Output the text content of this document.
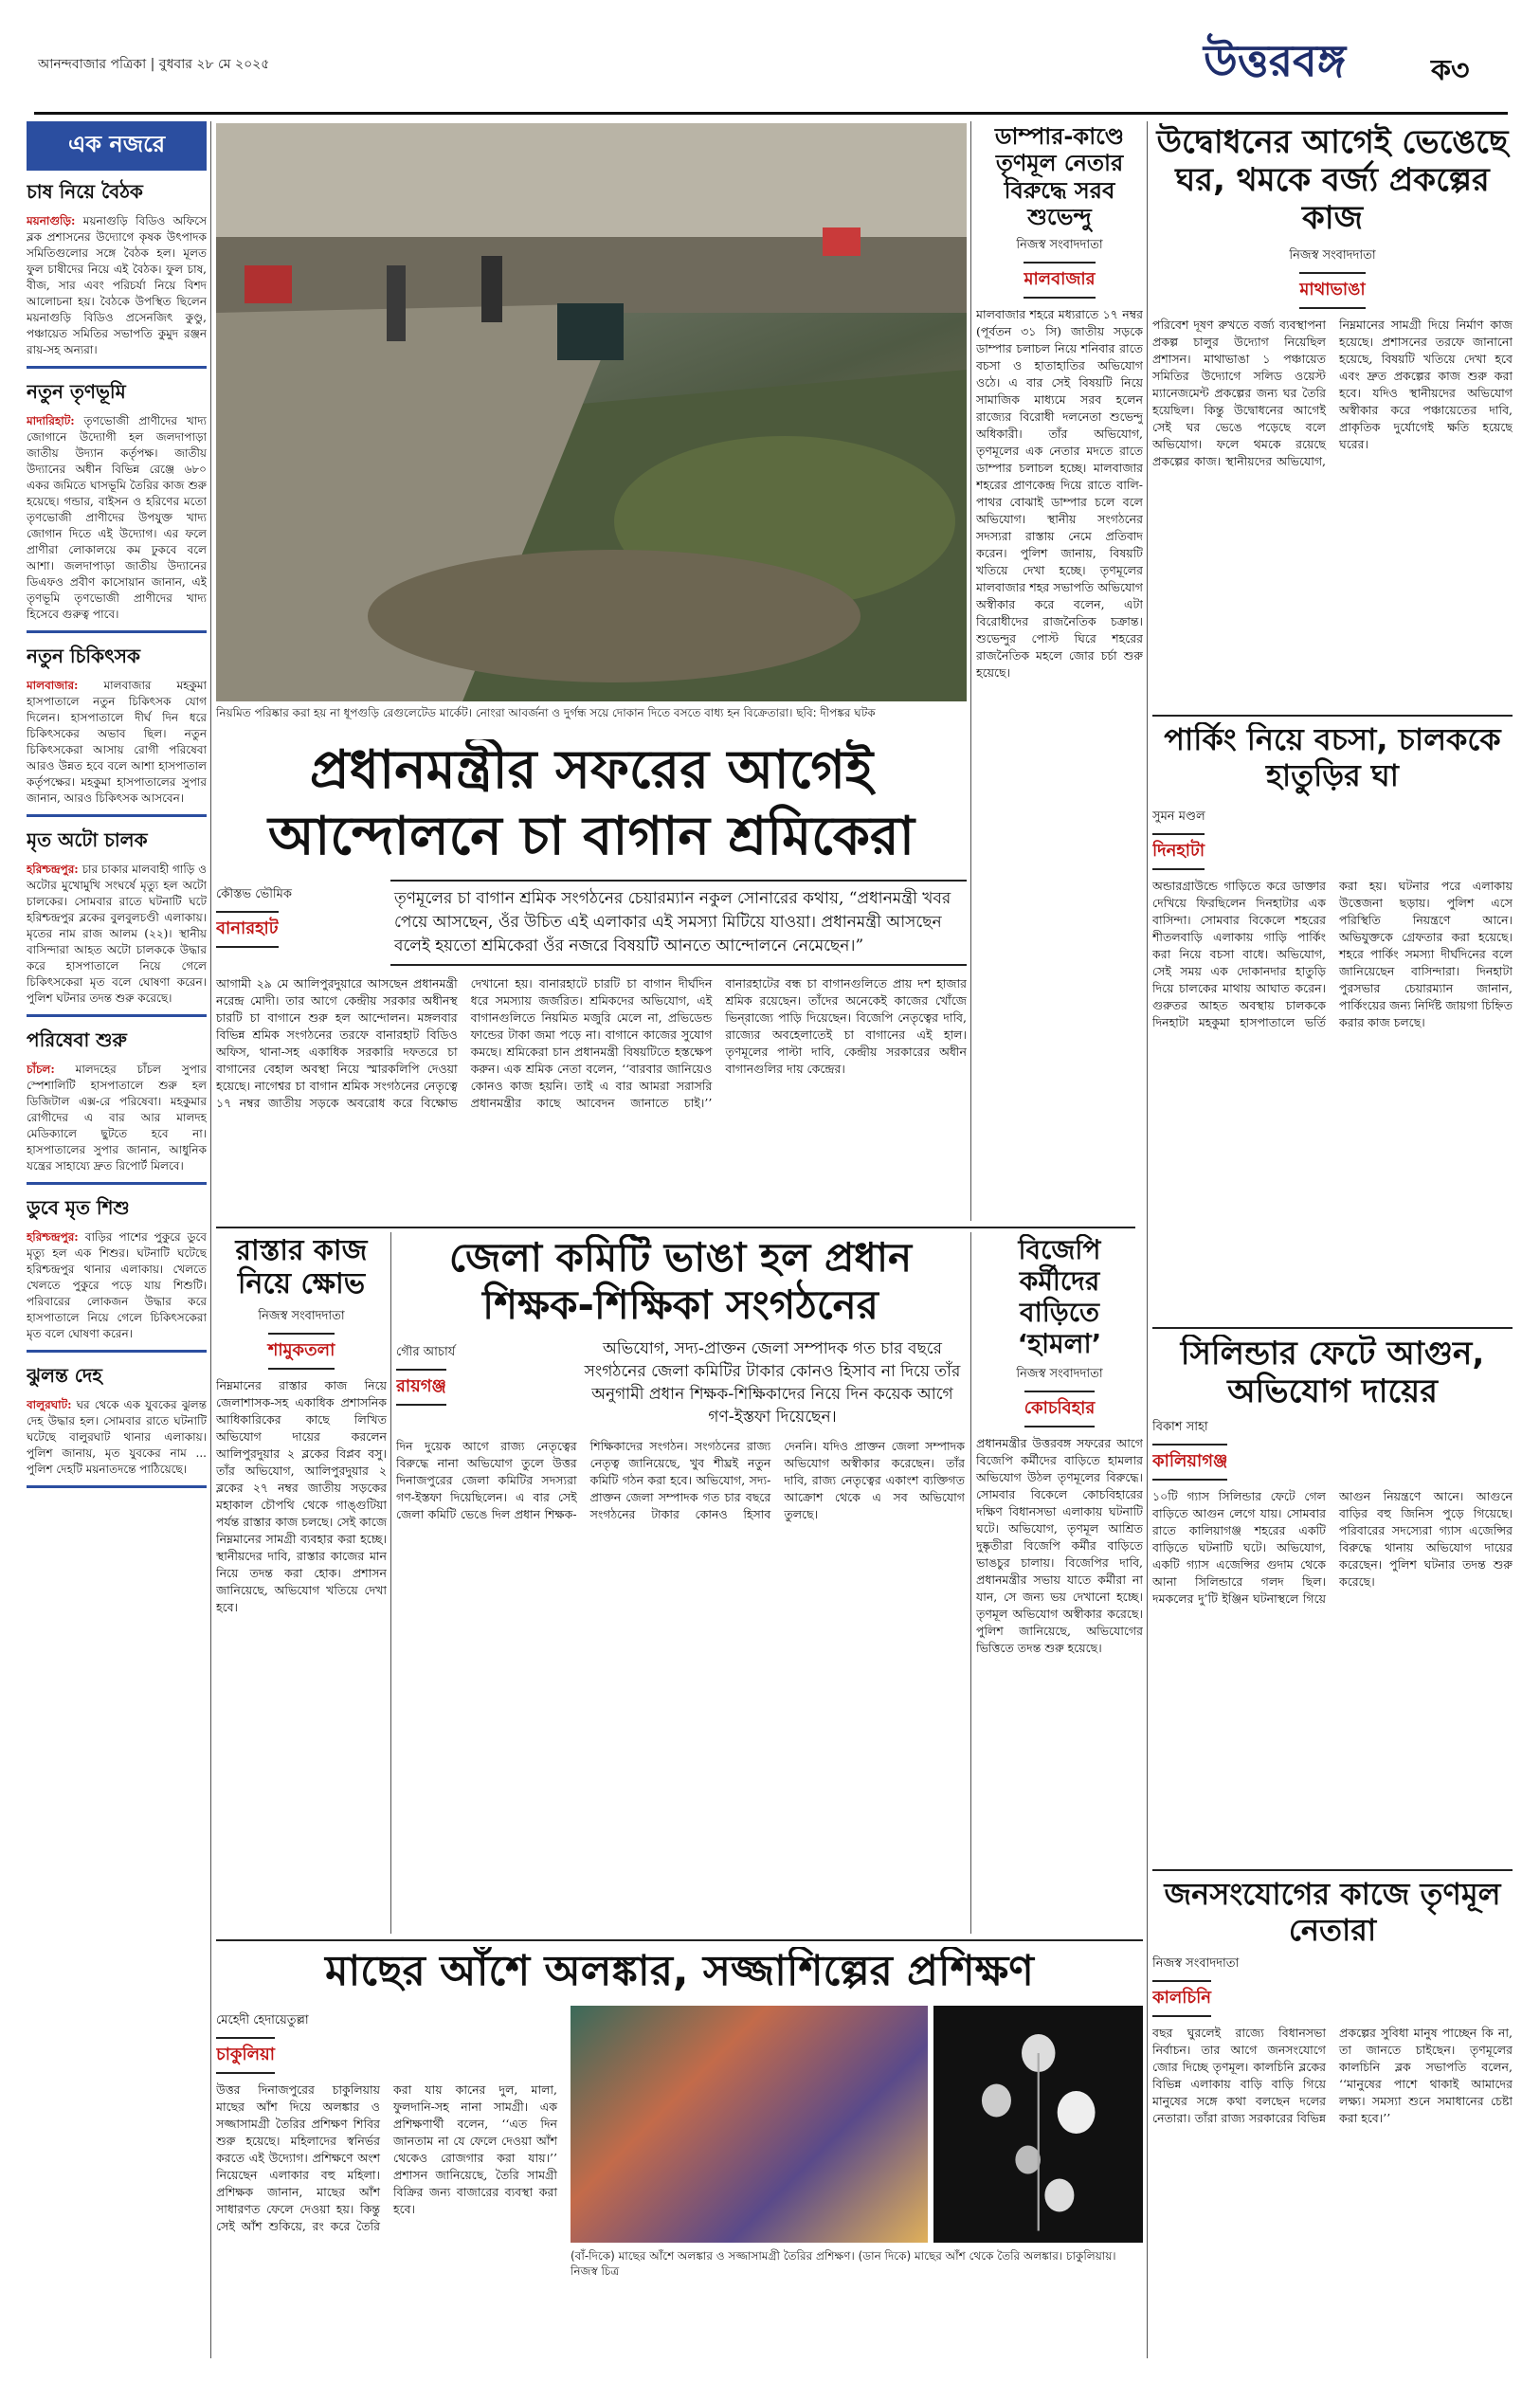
আনন্দবাজার পত্রিকা | বুধবার ২৮ মে ২০২৫	উত্তরবঙ্গ	ক৩
এক নজরে
চাষ নিয়ে বৈঠক

ময়নাগুড়ি: ময়নাগুড়ি বিডিও অফিসে ব্লক প্রশাসনের উদ্যোগে কৃষক উৎপাদক সমিতিগুলোর সঙ্গে বৈঠক হল। মূলত ফুল চাষীদের নিয়ে এই বৈঠক। ফুল চাষ, বীজ, সার এবং পরিচর্যা নিয়ে বিশদ আলোচনা হয়। বৈঠকে উপস্থিত ছিলেন ময়নাগুড়ি বিডিও প্রসেনজিৎ কুণ্ডু, পঞ্চায়েত সমিতির সভাপতি কুমুদ রঞ্জন রায়-সহ অন্যরা।

নতুন তৃণভূমি

মাদারিহাট: তৃণভোজী প্রাণীদের খাদ্য জোগানে উদ্যোগী হল জলদাপাড়া জাতীয় উদ্যান কর্তৃপক্ষ। জাতীয় উদ্যানের অধীন বিভিন্ন রেঞ্জে ৬৮০ একর জমিতে ঘাসভূমি তৈরির কাজ শুরু হয়েছে। গন্ডার, বাইসন ও হরিণের মতো তৃণভোজী প্রাণীদের উপযুক্ত খাদ্য জোগান দিতে এই উদ্যোগ। এর ফলে প্রাণীরা লোকালয়ে কম ঢুকবে বলে আশা। জলদাপাড়া জাতীয় উদ্যানের ডিএফও প্রবীণ কাসোয়ান জানান, এই তৃণভূমি তৃণভোজী প্রাণীদের খাদ্য হিসেবে গুরুত্ব পাবে।

নতুন চিকিৎসক

মালবাজার: মালবাজার মহকুমা হাসপাতালে নতুন চিকিৎসক যোগ দিলেন। হাসপাতালে দীর্ঘ দিন ধরে চিকিৎসকের অভাব ছিল। নতুন চিকিৎসকেরা আসায় রোগী পরিষেবা আরও উন্নত হবে বলে আশা হাসপাতাল কর্তৃপক্ষের। মহকুমা হাসপাতালের সুপার জানান, আরও চিকিৎসক আসবেন।

মৃত অটো চালক

হরিশ্চন্দ্রপুর: চার চাকার মালবাহী গাড়ি ও অটোর মুখোমুখি সংঘর্ষে মৃত্যু হল অটো চালকের। সোমবার রাতে ঘটনাটি ঘটে হরিশ্চন্দ্রপুর ব্লকের বুলবুলচণ্ডী এলাকায়। মৃতের নাম রাজ আলম (২২)। স্থানীয় বাসিন্দারা আহত অটো চালককে উদ্ধার করে হাসপাতালে নিয়ে গেলে চিকিৎসকেরা মৃত বলে ঘোষণা করেন। পুলিশ ঘটনার তদন্ত শুরু করেছে।

পরিষেবা শুরু

চাঁচল: মালদহের চাঁচল সুপার স্পেশালিটি হাসপাতালে শুরু হল ডিজিটাল এক্স-রে পরিষেবা। মহকুমার রোগীদের এ বার আর মালদহ মেডিক্যালে ছুটতে হবে না। হাসপাতালের সুপার জানান, আধুনিক যন্ত্রের সাহায্যে দ্রুত রিপোর্ট মিলবে।

ডুবে মৃত শিশু

হরিশ্চন্দ্রপুর: বাড়ির পাশের পুকুরে ডুবে মৃত্যু হল এক শিশুর। ঘটনাটি ঘটেছে হরিশ্চন্দ্রপুর থানার এলাকায়। খেলতে খেলতে পুকুরে পড়ে যায় শিশুটি। পরিবারের লোকজন উদ্ধার করে হাসপাতালে নিয়ে গেলে চিকিৎসকেরা মৃত বলে ঘোষণা করেন।

ঝুলন্ত দেহ

বালুরঘাট: ঘর থেকে এক যুবকের ঝুলন্ত দেহ উদ্ধার হল। সোমবার রাতে ঘটনাটি ঘটেছে বালুরঘাট থানার এলাকায়। পুলিশ জানায়, মৃত যুবকের নাম ... পুলিশ দেহটি ময়নাতদন্তে পাঠিয়েছে।

নিয়মিত পরিষ্কার করা হয় না ধূপগুড়ি রেগুলেটেড মার্কেট। নোংরা আবর্জনা ও দুর্গন্ধ সয়ে দোকান দিতে বসতে বাধ্য হন বিক্রেতারা। ছবি: দীপঙ্কর ঘটক
প্রধানমন্ত্রীর সফরের আগেই
আন্দোলনে চা বাগান শ্রমিকেরা
কৌস্তভ ভৌমিক
বানারহাট
তৃণমূলের চা বাগান শ্রমিক সংগঠনের চেয়ারম্যান নকুল সোনারের কথায়, “প্রধানমন্ত্রী খবর পেয়ে আসছেন, ওঁর উচিত এই এলাকার এই সমস্যা মিটিয়ে যাওয়া। প্রধানমন্ত্রী আসছেন বলেই হয়তো শ্রমিকেরা ওঁর নজরে বিষয়টি আনতে আন্দোলনে নেমেছেন।”
আগামী ২৯ মে আলিপুরদুয়ারে আসছেন প্রধানমন্ত্রী নরেন্দ্র মোদী। তার আগে কেন্দ্রীয় সরকার অধীনস্থ চারটি চা বাগানে শুরু হল আন্দোলন। মঙ্গলবার বিভিন্ন শ্রমিক সংগঠনের তরফে বানারহাট বিডিও অফিস, থানা-সহ একাধিক সরকারি দফতরে চা বাগানের বেহাল অবস্থা নিয়ে স্মারকলিপি দেওয়া হয়েছে। নাগেশ্বর চা বাগান শ্রমিক সংগঠনের নেতৃত্বে ১৭ নম্বর জাতীয় সড়কে অবরোধ করে বিক্ষোভ দেখানো হয়। বানারহাটে চারটি চা বাগান দীর্ঘদিন ধরে সমস্যায় জর্জরিত। শ্রমিকদের অভিযোগ, এই বাগানগুলিতে নিয়মিত মজুরি মেলে না, প্রভিডেন্ড ফান্ডের টাকা জমা পড়ে না। বাগানে কাজের সুযোগ কমছে। শ্রমিকেরা চান প্রধানমন্ত্রী বিষয়টিতে হস্তক্ষেপ করুন। এক শ্রমিক নেতা বলেন, ‘‘বারবার জানিয়েও কোনও কাজ হয়নি। তাই এ বার আমরা সরাসরি প্রধানমন্ত্রীর কাছে আবেদন জানাতে চাই।’’ বানারহাটের বন্ধ চা বাগানগুলিতে প্রায় দশ হাজার শ্রমিক রয়েছেন। তাঁদের অনেকেই কাজের খোঁজে ভিন্‌রাজ্যে পাড়ি দিয়েছেন। বিজেপি নেতৃত্বের দাবি, রাজ্যের অবহেলাতেই চা বাগানের এই হাল। তৃণমূলের পাল্টা দাবি, কেন্দ্রীয় সরকারের অধীন বাগানগুলির দায় কেন্দ্রের।
ডাম্পার-কাণ্ডে তৃণমূল নেতার বিরুদ্ধে সরব শুভেন্দু
নিজস্ব সংবাদদাতা
মালবাজার
মালবাজার শহরে মধ্যরাতে ১৭ নম্বর (পূর্বতন ৩১ সি) জাতীয় সড়কে ডাম্পার চলাচল নিয়ে শনিবার রাতে বচসা ও হাতাহাতির অভিযোগ ওঠে। এ বার সেই বিষয়টি নিয়ে সামাজিক মাধ্যমে সরব হলেন রাজ্যের বিরোধী দলনেতা শুভেন্দু অধিকারী। তাঁর অভিযোগ, তৃণমূলের এক নেতার মদতে রাতে ডাম্পার চলাচল হচ্ছে। মালবাজার শহরের প্রাণকেন্দ্র দিয়ে রাতে বালি-পাথর বোঝাই ডাম্পার চলে বলে অভিযোগ। স্থানীয় সংগঠনের সদস্যরা রাস্তায় নেমে প্রতিবাদ করেন। পুলিশ জানায়, বিষয়টি খতিয়ে দেখা হচ্ছে। তৃণমূলের মালবাজার শহর সভাপতি অভিযোগ অস্বীকার করে বলেন, এটা বিরোধীদের রাজনৈতিক চক্রান্ত। শুভেন্দুর পোস্ট ঘিরে শহরের রাজনৈতিক মহলে জোর চর্চা শুরু হয়েছে।
উদ্বোধনের আগেই ভেঙেছে ঘর, থমকে বর্জ্য প্রকল্পের কাজ
নিজস্ব সংবাদদাতা
মাথাভাঙা
পরিবেশ দূষণ রুখতে বর্জ্য ব্যবস্থাপনা প্রকল্প চালুর উদ্যোগ নিয়েছিল প্রশাসন। মাথাভাঙা ১ পঞ্চায়েত সমিতির উদ্যোগে সলিড ওয়েস্ট ম্যানেজমেন্ট প্রকল্পের জন্য ঘর তৈরি হয়েছিল। কিন্তু উদ্বোধনের আগেই সেই ঘর ভেঙে পড়েছে বলে অভিযোগ। ফলে থমকে রয়েছে প্রকল্পের কাজ। স্থানীয়দের অভিযোগ, নিম্নমানের সামগ্রী দিয়ে নির্মাণ কাজ হয়েছে। প্রশাসনের তরফে জানানো হয়েছে, বিষয়টি খতিয়ে দেখা হবে এবং দ্রুত প্রকল্পের কাজ শুরু করা হবে। যদিও স্থানীয়দের অভিযোগ অস্বীকার করে পঞ্চায়েতের দাবি, প্রাকৃতিক দুর্যোগেই ক্ষতি হয়েছে ঘরের।
পার্কিং নিয়ে বচসা, চালককে হাতুড়ির ঘা
সুমন মণ্ডল
দিনহাটা
অন্ডারগ্রাউন্ডে গাড়িতে করে ডাক্তার দেখিয়ে ফিরছিলেন দিনহাটার এক বাসিন্দা। সোমবার বিকেলে শহরের শীতলবাড়ি এলাকায় গাড়ি পার্কিং করা নিয়ে বচসা বাধে। অভিযোগ, সেই সময় এক দোকানদার হাতুড়ি দিয়ে চালকের মাথায় আঘাত করেন। গুরুতর আহত অবস্থায় চালককে দিনহাটা মহকুমা হাসপাতালে ভর্তি করা হয়। ঘটনার পরে এলাকায় উত্তেজনা ছড়ায়। পুলিশ এসে পরিস্থিতি নিয়ন্ত্রণে আনে। অভিযুক্তকে গ্রেফতার করা হয়েছে। শহরে পার্কিং সমস্যা দীর্ঘদিনের বলে জানিয়েছেন বাসিন্দারা। দিনহাটা পুরসভার চেয়ারম্যান জানান, পার্কিংয়ের জন্য নির্দিষ্ট জায়গা চিহ্নিত করার কাজ চলছে।
রাস্তার কাজ নিয়ে ক্ষোভ
নিজস্ব সংবাদদাতা
শামুকতলা
নিম্নমানের রাস্তার কাজ নিয়ে জেলাশাসক-সহ একাধিক প্রশাসনিক আধিকারিকের কাছে লিখিত অভিযোগ দায়ের করলেন আলিপুরদুয়ার ২ ব্লকের বিপ্লব বসু। তাঁর অভিযোগ, আলিপুরদুয়ার ২ ব্লকের ২৭ নম্বর জাতীয় সড়কের মহাকাল চৌপথি থেকে গাঙ্গুটিয়া পর্যন্ত রাস্তার কাজ চলছে। সেই কাজে নিম্নমানের সামগ্রী ব্যবহার করা হচ্ছে। স্থানীয়দের দাবি, রাস্তার কাজের মান নিয়ে তদন্ত করা হোক। প্রশাসন জানিয়েছে, অভিযোগ খতিয়ে দেখা হবে।
জেলা কমিটি ভাঙা হল প্রধান শিক্ষক-শিক্ষিকা সংগঠনের
গৌর আচার্য
রায়গঞ্জ
অভিযোগ, সদ্য-প্রাক্তন জেলা সম্পাদক গত চার বছরে সংগঠনের জেলা কমিটির টাকার কোনও হিসাব না দিয়ে তাঁর অনুগামী প্রধান শিক্ষক-শিক্ষিকাদের নিয়ে দিন কয়েক আগে গণ-ইস্তফা দিয়েছেন।
দিন দুয়েক আগে রাজ্য নেতৃত্বের বিরুদ্ধে নানা অভিযোগ তুলে উত্তর দিনাজপুরের জেলা কমিটির সদস্যরা গণ-ইস্তফা দিয়েছিলেন। এ বার সেই জেলা কমিটি ভেঙে দিল প্রধান শিক্ষক-শিক্ষিকাদের সংগঠন। সংগঠনের রাজ্য নেতৃত্ব জানিয়েছে, খুব শীঘ্রই নতুন কমিটি গঠন করা হবে। অভিযোগ, সদ্য-প্রাক্তন জেলা সম্পাদক গত চার বছরে সংগঠনের টাকার কোনও হিসাব দেননি। যদিও প্রাক্তন জেলা সম্পাদক অভিযোগ অস্বীকার করেছেন। তাঁর দাবি, রাজ্য নেতৃত্বের একাংশ ব্যক্তিগত আক্রোশ থেকে এ সব অভিযোগ তুলছে।
বিজেপি কর্মীদের বাড়িতে ‘হামলা’
নিজস্ব সংবাদদাতা
কোচবিহার
প্রধানমন্ত্রীর উত্তরবঙ্গ সফরের আগে বিজেপি কর্মীদের বাড়িতে হামলার অভিযোগ উঠল তৃণমূলের বিরুদ্ধে। সোমবার বিকেলে কোচবিহারের দক্ষিণ বিধানসভা এলাকায় ঘটনাটি ঘটে। অভিযোগ, তৃণমূল আশ্রিত দুষ্কৃতীরা বিজেপি কর্মীর বাড়িতে ভাঙচুর চালায়। বিজেপির দাবি, প্রধানমন্ত্রীর সভায় যাতে কর্মীরা না যান, সে জন্য ভয় দেখানো হচ্ছে। তৃণমূল অভিযোগ অস্বীকার করেছে। পুলিশ জানিয়েছে, অভিযোগের ভিত্তিতে তদন্ত শুরু হয়েছে।
সিলিন্ডার ফেটে আগুন, অভিযোগ দায়ের
বিকাশ সাহা
কালিয়াগঞ্জ
১০টি গ্যাস সিলিন্ডার ফেটে গেল বাড়িতে আগুন লেগে যায়। সোমবার রাতে কালিয়াগঞ্জ শহরের একটি বাড়িতে ঘটনাটি ঘটে। অভিযোগ, একটি গ্যাস এজেন্সির গুদাম থেকে আনা সিলিন্ডারে গলদ ছিল। দমকলের দু’টি ইঞ্জিন ঘটনাস্থলে গিয়ে আগুন নিয়ন্ত্রণে আনে। আগুনে বাড়ির বহু জিনিস পুড়ে গিয়েছে। পরিবারের সদস্যেরা গ্যাস এজেন্সির বিরুদ্ধে থানায় অভিযোগ দায়ের করেছেন। পুলিশ ঘটনার তদন্ত শুরু করেছে।
জনসংযোগের কাজে তৃণমূল নেতারা
নিজস্ব সংবাদদাতা
কালচিনি
বছর ঘুরলেই রাজ্যে বিধানসভা নির্বাচন। তার আগে জনসংযোগে জোর দিচ্ছে তৃণমূল। কালচিনি ব্লকের বিভিন্ন এলাকায় বাড়ি বাড়ি গিয়ে মানুষের সঙ্গে কথা বলছেন দলের নেতারা। তাঁরা রাজ্য সরকারের বিভিন্ন প্রকল্পের সুবিধা মানুষ পাচ্ছেন কি না, তা জানতে চাইছেন। তৃণমূলের কালচিনি ব্লক সভাপতি বলেন, ‘‘মানুষের পাশে থাকাই আমাদের লক্ষ্য। সমস্যা শুনে সমাধানের চেষ্টা করা হবে।’’
মাছের আঁশে অলঙ্কার, সজ্জাশিল্পের প্রশিক্ষণ
মেহেদী হেদায়েতুল্লা
চাকুলিয়া
উত্তর দিনাজপুরের চাকুলিয়ায় মাছের আঁশ দিয়ে অলঙ্কার ও সজ্জাসামগ্রী তৈরির প্রশিক্ষণ শিবির শুরু হয়েছে। মহিলাদের স্বনির্ভর করতে এই উদ্যোগ। প্রশিক্ষণে অংশ নিয়েছেন এলাকার বহু মহিলা। প্রশিক্ষক জানান, মাছের আঁশ সাধারণত ফেলে দেওয়া হয়। কিন্তু সেই আঁশ শুকিয়ে, রং করে তৈরি করা যায় কানের দুল, মালা, ফুলদানি-সহ নানা সামগ্রী। এক প্রশিক্ষণার্থী বলেন, ‘‘এত দিন জানতাম না যে ফেলে দেওয়া আঁশ থেকেও রোজগার করা যায়।’’ প্রশাসন জানিয়েছে, তৈরি সামগ্রী বিক্রির জন্য বাজারের ব্যবস্থা করা হবে।
(বাঁ-দিকে) মাছের আঁশে অলঙ্কার ও সজ্জাসামগ্রী তৈরির প্রশিক্ষণ। (ডান দিকে) মাছের আঁশ থেকে তৈরি অলঙ্কার। চাকুলিয়ায়। নিজস্ব চিত্র
